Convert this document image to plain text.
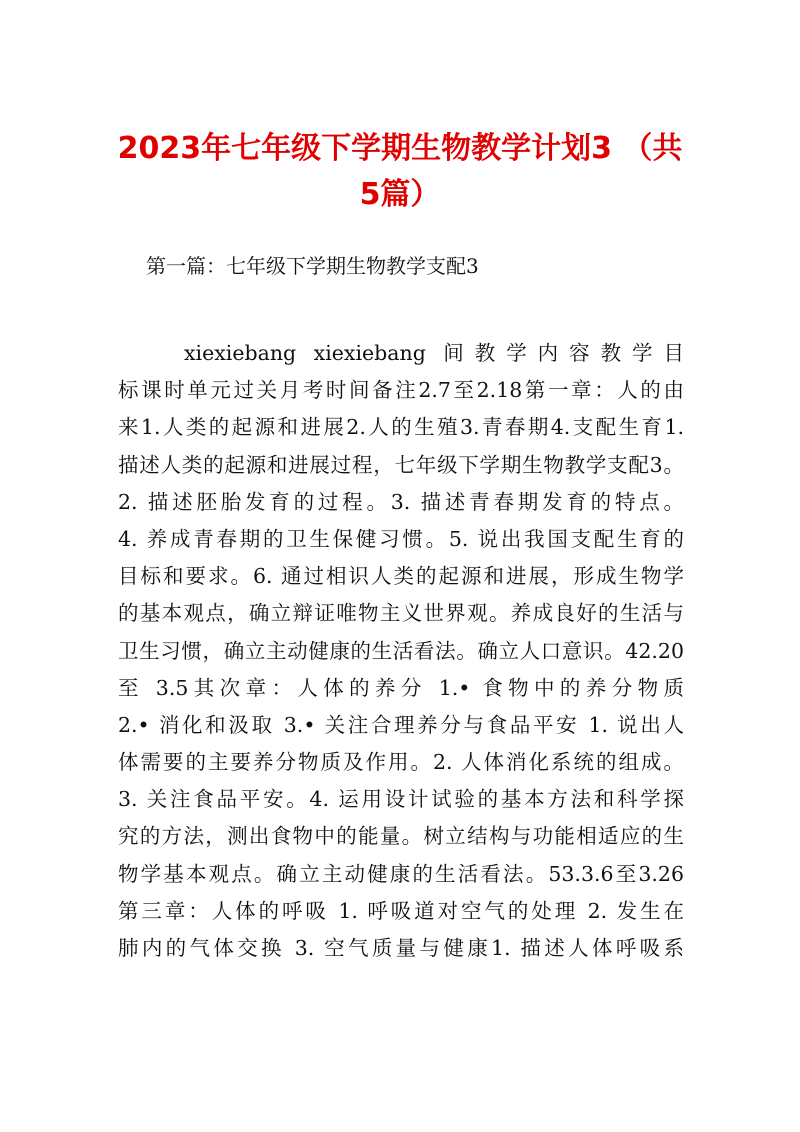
2023年七年级下学期生物教学计划3 （共
5篇）

第一篇：七年级下学期生物教学支配3

xiexiebang xiexiebang 间教学内容教学目
标课时单元过关月考时间备注2.7至2.18第一章：人的由
来1.人类的起源和进展2.人的生殖3.青春期4.支配生育1.
描述人类的起源和进展过程，七年级下学期生物教学支配3。
2. 描述胚胎发育的过程。3. 描述青春期发育的特点。
4. 养成青春期的卫生保健习惯。5. 说出我国支配生育的
目标和要求。6. 通过相识人类的起源和进展，形成生物学
的基本观点，确立辩证唯物主义世界观。养成良好的生活与
卫生习惯，确立主动健康的生活看法。确立人口意识。42.20
至 3.5其次章：人体的养分 1.• 食物中的养分物质
2.• 消化和汲取 3.• 关注合理养分与食品平安 1. 说出人
体需要的主要养分物质及作用。2. 人体消化系统的组成。
3. 关注食品平安。4. 运用设计试验的基本方法和科学探
究的方法，测出食物中的能量。树立结构与功能相适应的生
物学基本观点。确立主动健康的生活看法。53.3.6至3.26
第三章：人体的呼吸 1. 呼吸道对空气的处理 2. 发生在
肺内的气体交换 3. 空气质量与健康1. 描述人体呼吸系
